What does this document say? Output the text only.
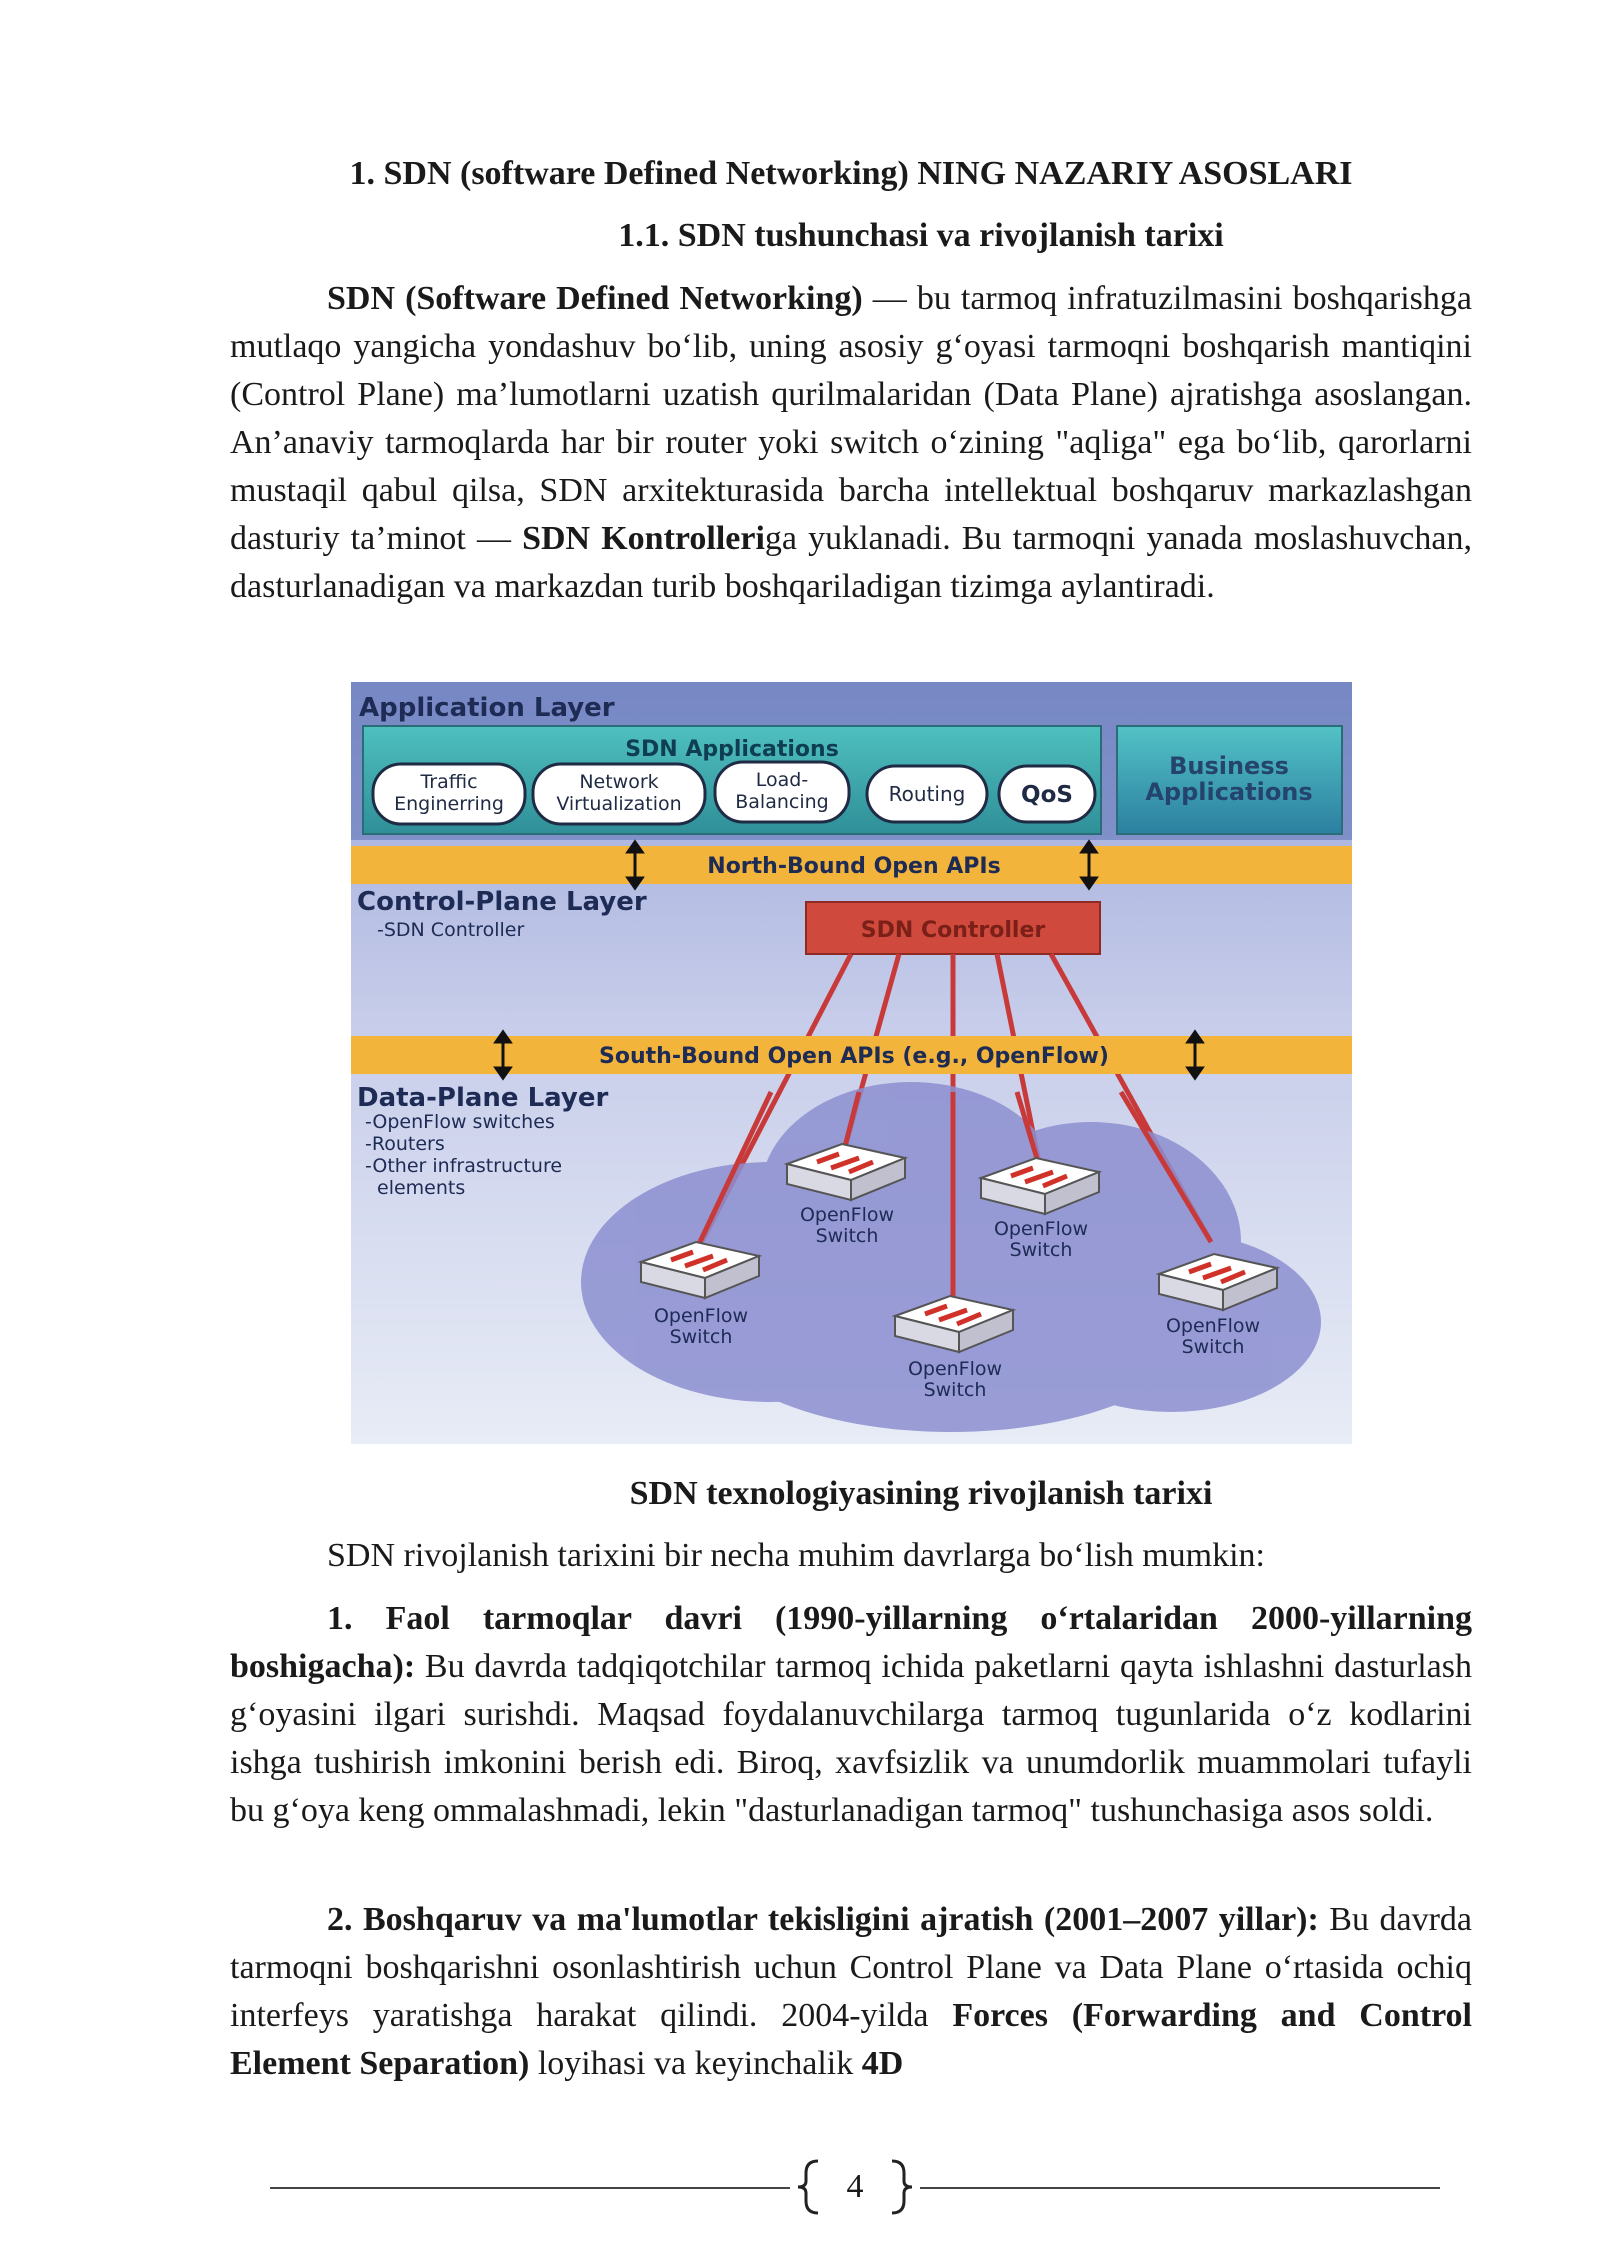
1. SDN (software Defined Networking) NING NAZARIY ASOSLARI
1.1. SDN tushunchasi va rivojlanish tarixi

SDN (Software Defined Networking) — bu tarmoq infratuzilmasini boshqarishga mutlaqo yangicha yondashuv bo‘lib, uning asosiy g‘oyasi tarmoqni boshqarish mantiqini (Control Plane) ma’lumotlarni uzatish qurilmalaridan (Data Plane) ajratishga asoslangan. An’anaviy tarmoqlarda har bir router yoki switch o‘zining "aqliga" ega bo‘lib, qarorlarni mustaqil qabul qilsa, SDN arxitekturasida barcha intellektual boshqaruv markazlashgan dasturiy ta’minot — SDN Kontrolleriga yuklanadi. Bu tarmoqni yanada moslashuvchan, dasturlanadigan va markazdan turib boshqariladigan tizimga aylantiradi.

Application Layer
SDN Applications
Traffic
Enginerring
Network
Virtualization
Load-
Balancing	Routing QoS
Business
Applications
North-Bound Open APIs
Control-Plane Layer
-SDN Controller	SDN Controller
South-Bound Open APIs (e.g., OpenFlow)
Data-Plane Layer
-OpenFlow switches
-Routers
-Other infrastructure
elements
OpenFlow
Switch
OpenFlow
Switch	OpenFlow
Switch
OpenFlow
Switch
OpenFlow
Switch
SDN texnologiyasining rivojlanish tarixi

SDN rivojlanish tarixini bir necha muhim davrlarga bo‘lish mumkin:

1. Faol tarmoqlar davri (1990-yillarning o‘rtalaridan 2000-yillarning boshigacha): Bu davrda tadqiqotchilar tarmoq ichida paketlarni qayta ishlashni dasturlash g‘oyasini ilgari surishdi. Maqsad foydalanuvchilarga tarmoq tugunlarida o‘z kodlarini ishga tushirish imkonini berish edi. Biroq, xavfsizlik va unumdorlik muammolari tufayli bu g‘oya keng ommalashmadi, lekin "dasturlanadigan tarmoq" tushunchasiga asos soldi.

2. Boshqaruv va ma'lumotlar tekisligini ajratish (2001–2007 yillar): Bu davrda tarmoqni boshqarishni osonlashtirish uchun Control Plane va Data Plane o‘rtasida ochiq interfeys yaratishga harakat qilindi. 2004-yilda Forces (Forwarding and Control Element Separation) loyihasi va keyinchalik 4D

4
